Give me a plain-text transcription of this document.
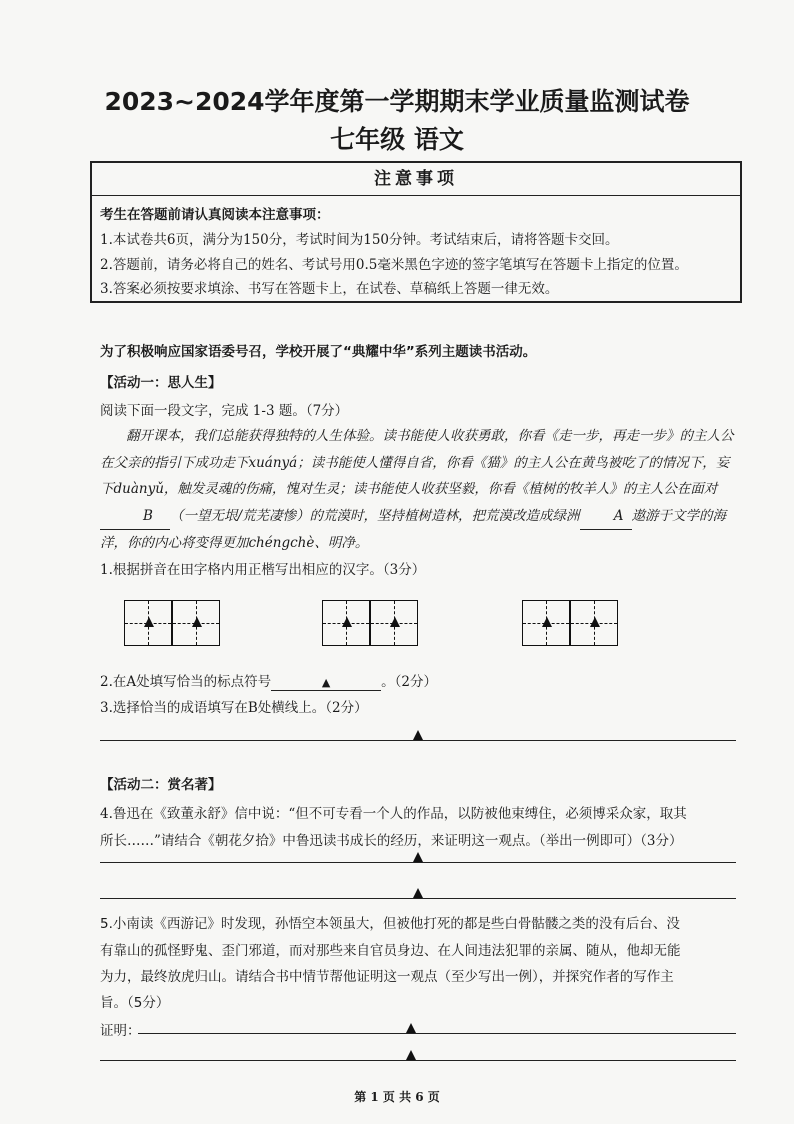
2023~2024学年度第一学期期末学业质量监测试卷
七年级 语文
注意事项
考生在答题前请认真阅读本注意事项：
1.本试卷共6页，满分为150分，考试时间为150分钟。考试结束后，请将答题卡交回。
2.答题前，请务必将自己的姓名、考试号用0.5毫米黑色字迹的签字笔填写在答题卡上指定的位置。
3.答案必须按要求填涂、书写在答题卡上，在试卷、草稿纸上答题一律无效。
为了积极响应国家语委号召，学校开展了“典耀中华”系列主题读书活动。
【活动一：思人生】
阅读下面一段文字，完成 1-3 题。（7分）
翻开课本，我们总能获得独特的人生体验。读书能使人收获勇敢，你看《走一步，再走一步》的主人公在父亲的指引下成功走下xuányá；读书能使人懂得自省，你看《猫》的主人公在黄鸟被吃了的情况下，妄下duànyǔ，触发灵魂的伤痛，愧对生灵；读书能使人收获坚毅，你看《植树的牧羊人》的主人公在面对B （一望无垠/荒芜凄惨）的荒漠时，坚持植树造林，把荒漠改造成绿洲	A 遨游于文学的海洋，你的内心将变得更加chéngchè、明净。
1.根据拼音在田字格内用正楷写出相应的汉字。（3分）
2.在A处填写恰当的标点符号	▲	。（2分）
3.选择恰当的成语填写在B处横线上。（2分）
【活动二：赏名著】
4.鲁迅在《致董永舒》信中说：“但不可专看一个人的作品，以防被他束缚住，必须博采众家，取其
所长……”请结合《朝花夕拾》中鲁迅读书成长的经历，来证明这一观点。（举出一例即可）（3分）
5.小南读《西游记》时发现，孙悟空本领虽大，但被他打死的都是些白骨骷髅之类的没有后台、没
有靠山的孤怪野鬼、歪门邪道，而对那些来自官员身边、在人间违法犯罪的亲属、随从，他却无能
为力，最终放虎归山。请结合书中情节帮他证明这一观点（至少写出一例），并探究作者的写作主
旨。（5分）
证明：
第 1 页 共 6 页
